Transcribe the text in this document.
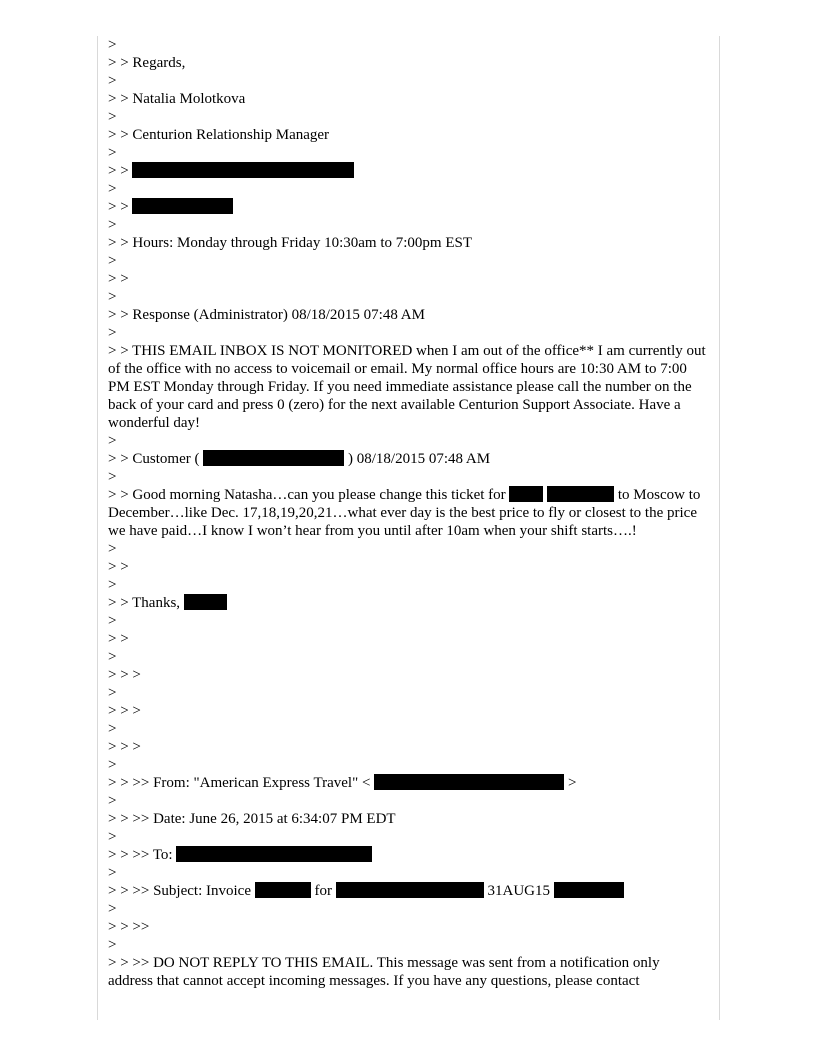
>
> > Regards,
>
> > Natalia Molotkova
>
> > Centurion Relationship Manager
>
> >
>
> >
>
> > Hours: Monday through Friday 10:30am to 7:00pm EST
>
> >
>
> > Response (Administrator) 08/18/2015 07:48 AM
>
> > THIS EMAIL INBOX IS NOT MONITORED when I am out of the office** I am currently out of the office with no access to voicemail or email. My normal office hours are 10:30 AM to 7:00 PM EST Monday through Friday. If you need immediate assistance please call the number on the back of your card and press 0 (zero) for the next available Centurion Support Associate. Have a wonderful day!
>
> > Customer (	) 08/18/2015 07:48 AM
>
> > Good morning Natasha…can you please change this ticket for	to Moscow to December…like Dec. 17,18,19,20,21…what ever day is the best price to fly or closest to the price we have paid…I know I won’t hear from you until after 10am when your shift starts….!
>
> >
>
> > Thanks,
>
> >
>
> > >
>
> > >
>
> > >
>
> > >> From: "American Express Travel" <	>
>
> > >> Date: June 26, 2015 at 6:34:07 PM EDT
>
> > >> To:
>
> > >> Subject: Invoice	for	31AUG15
>
> > >>
>
> > >> DO NOT REPLY TO THIS EMAIL. This message was sent from a notification only address that cannot accept incoming messages. If you have any questions, please contact
